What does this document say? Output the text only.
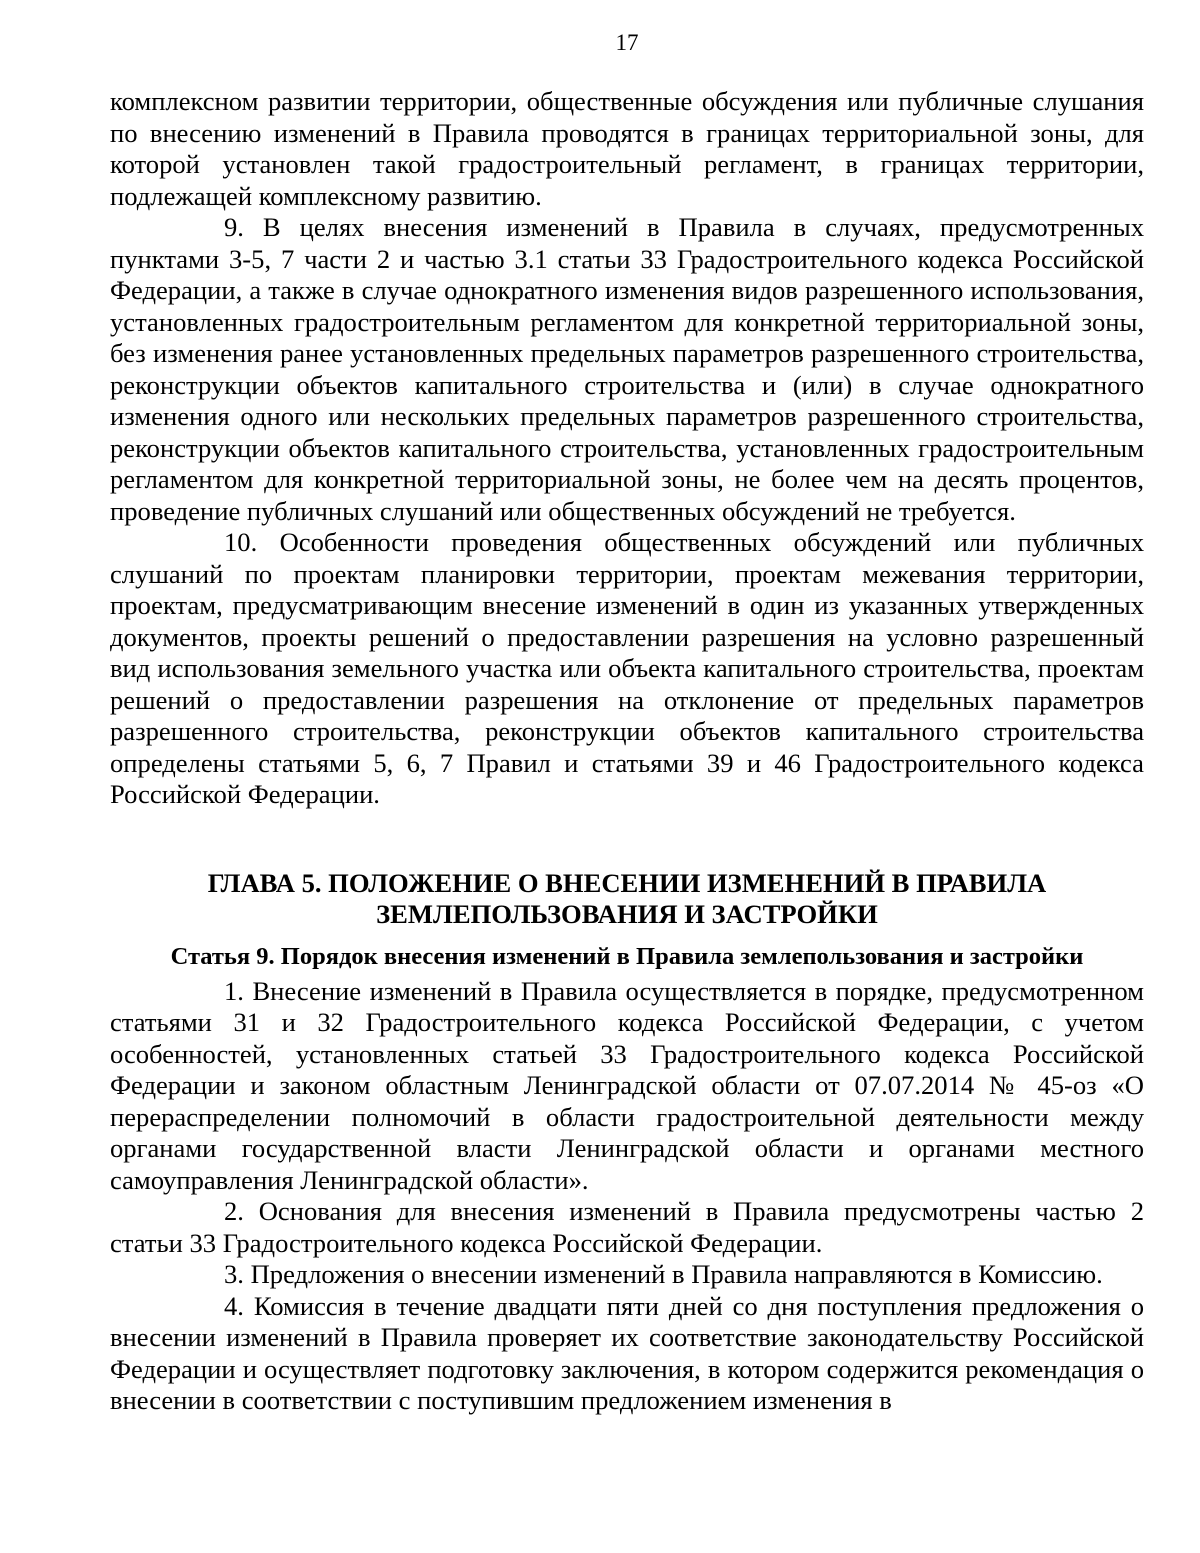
17

комплексном развитии территории, общественные обсуждения или публичные слушания по внесению изменений в Правила проводятся в границах территориальной зоны, для которой установлен такой градостроительный регламент, в границах территории, подлежащей комплексному развитию.

9. В целях внесения изменений в Правила в случаях, предусмотренных пунктами 3-5, 7 части 2 и частью 3.1 статьи 33 Градостроительного кодекса Российской Федерации, а также в случае однократного изменения видов разрешенного использования, установленных градостроительным регламентом для конкретной территориальной зоны, без изменения ранее установленных предельных параметров разрешенного строительства, реконструкции объектов капитального строительства и (или) в случае однократного изменения одного или нескольких предельных параметров разрешенного строительства, реконструкции объектов капитального строительства, установленных градостроительным регламентом для конкретной территориальной зоны, не более чем на десять процентов, проведение публичных слушаний или общественных обсуждений не требуется.

10. Особенности проведения общественных обсуждений или публичных слушаний по проектам планировки территории, проектам межевания территории, проектам, предусматривающим внесение изменений в один из указанных утвержденных документов, проекты решений о предоставлении разрешения на условно разрешенный вид использования земельного участка или объекта капитального строительства, проектам решений о предоставлении разрешения на отклонение от предельных параметров разрешенного строительства, реконструкции объектов капитального строительства определены статьями 5, 6, 7 Правил и статьями 39 и 46 Градостроительного кодекса Российской Федерации.

ГЛАВА 5. ПОЛОЖЕНИЕ О ВНЕСЕНИИ ИЗМЕНЕНИЙ В ПРАВИЛА ЗЕМЛЕПОЛЬЗОВАНИЯ И ЗАСТРОЙКИ
Статья 9. Порядок внесения изменений в Правила землепользования и застройки

1. Внесение изменений в Правила осуществляется в порядке, предусмотренном статьями 31 и 32 Градостроительного кодекса Российской Федерации, с учетом особенностей, установленных статьей 33 Градостроительного кодекса Российской Федерации и законом областным Ленинградской области от 07.07.2014 № 45-оз «О перераспределении полномочий в области градостроительной деятельности между органами государственной власти Ленинградской области и органами местного самоуправления Ленинградской области».

2. Основания для внесения изменений в Правила предусмотрены частью 2 статьи 33 Градостроительного кодекса Российской Федерации.

3. Предложения о внесении изменений в Правила направляются в Комиссию.

4. Комиссия в течение двадцати пяти дней со дня поступления предложения о внесении изменений в Правила проверяет их соответствие законодательству Российской Федерации и осуществляет подготовку заключения, в котором содержится рекомендация о внесении в соответствии с поступившим предложением изменения в
